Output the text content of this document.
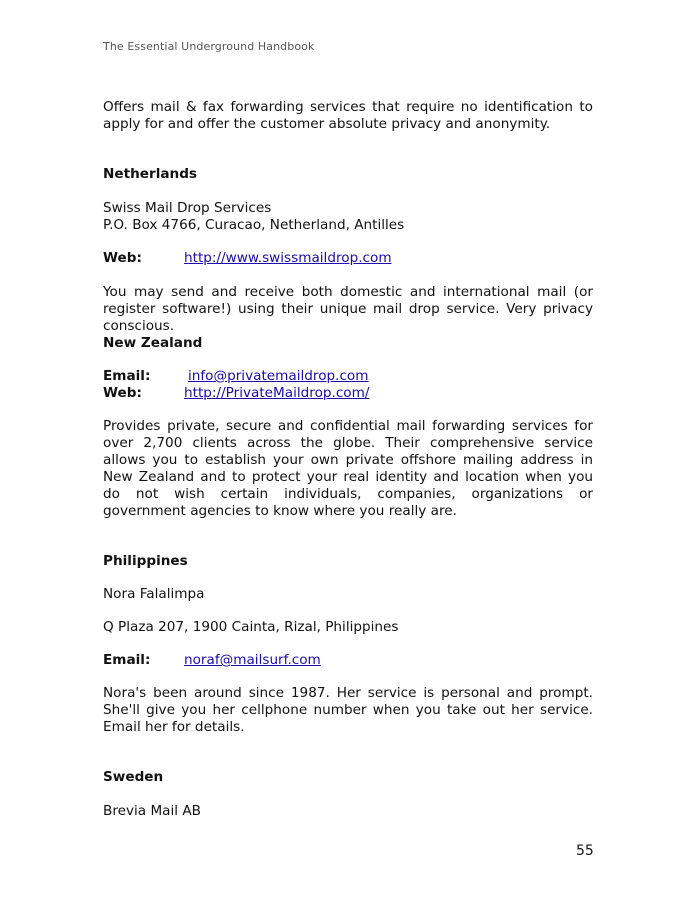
The Essential Underground Handbook

Offers mail & fax forwarding services that require no identification to apply for and offer the customer absolute privacy and anonymity.

Netherlands

Swiss Mail Drop Services

P.O. Box 4766, Curacao, Netherland, Antilles

Web:	http://www.swissmaildrop.com

You may send and receive both domestic and international mail (or register software!) using their unique mail drop service. Very privacy conscious.

New Zealand

Email:	info@privatemaildrop.com
Web:	http://PrivateMaildrop.com/

Provides private, secure and confidential mail forwarding services for over 2,700 clients across the globe. Their comprehensive service allows you to establish your own private offshore mailing address in New Zealand and to protect your real identity and location when you do not wish certain individuals, companies, organizations or government agencies to know where you really are.

Philippines

Nora Falalimpa

Q Plaza 207, 1900 Cainta, Rizal, Philippines

Email:	noraf@mailsurf.com

Nora's been around since 1987. Her service is personal and prompt. She'll give you her cellphone number when you take out her service. Email her for details.

Sweden

Brevia Mail AB

55
